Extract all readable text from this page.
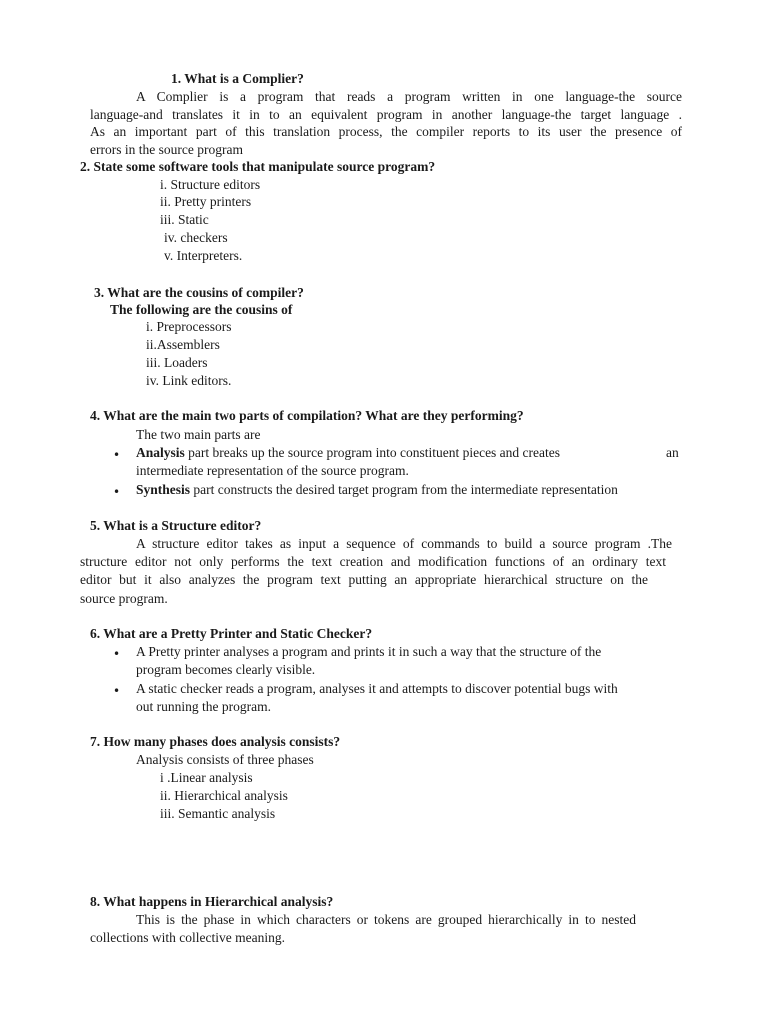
1. What is a Complier?
A Complier is a program that reads a program written in one language-the source
language-and translates it in to an equivalent program in another language-the target language .
As an important part of this translation process, the compiler reports to its user the presence of
errors in the source program
2. State some software tools that manipulate source program?
i. Structure editors
ii. Pretty printers
iii. Static
iv. checkers
v. Interpreters.
3. What are the cousins of compiler?
The following are the cousins of
i. Preprocessors
ii.Assemblers
iii. Loaders
iv. Link editors.
4. What are the main two parts of compilation? What are they performing?
The two main parts are
• Analysis part breaks up the source program into constituent pieces and creates	an
intermediate representation of the source program.
• Synthesis part constructs the desired target program from the intermediate representation
5. What is a Structure editor?
A structure editor takes as input a sequence of commands to build a source program .The
structure editor not only performs the text creation and modification functions of an ordinary text
editor but it also analyzes the program text putting an appropriate hierarchical structure on the
source program.
6. What are a Pretty Printer and Static Checker?
• A Pretty printer analyses a program and prints it in such a way that the structure of the
program becomes clearly visible.
• A static checker reads a program, analyses it and attempts to discover potential bugs with
out running the program.
7. How many phases does analysis consists?
Analysis consists of three phases
i .Linear analysis
ii. Hierarchical analysis
iii. Semantic analysis
8. What happens in Hierarchical analysis?
This is the phase in which characters or tokens are grouped hierarchically in to nested
collections with collective meaning.
